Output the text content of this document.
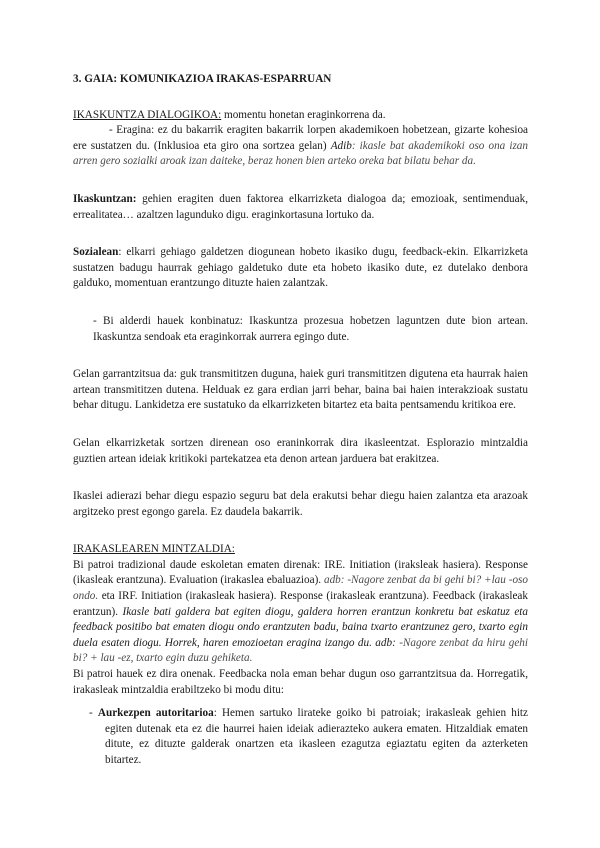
3. GAIA: KOMUNIKAZIOA IRAKAS-ESPARRUAN

IKASKUNTZA DIALOGIKOA: momentu honetan eraginkorrena da.

- Eragina: ez du bakarrik eragiten bakarrik lorpen akademikoen hobetzean, gizarte kohesioa ere sustatzen du. (Inklusioa eta giro ona sortzea gelan) Adib: ikasle bat akademikoki oso ona izan arren gero sozialki aroak izan daiteke, beraz honen bien arteko oreka bat bilatu behar da.

Ikaskuntzan: gehien eragiten duen faktorea elkarrizketa dialogoa da; emozioak, sentimenduak, errealitatea… azaltzen lagunduko digu. eraginkortasuna lortuko da.

Sozialean: elkarri gehiago galdetzen diogunean hobeto ikasiko dugu, feedback-ekin. Elkarrizketa sustatzen badugu haurrak gehiago galdetuko dute eta hobeto ikasiko dute, ez dutelako denbora galduko, momentuan erantzungo dituzte haien zalantzak.

- Bi alderdi hauek konbinatuz: Ikaskuntza prozesua hobetzen laguntzen dute bion artean. Ikaskuntza sendoak eta eraginkorrak aurrera egingo dute.

Gelan garrantzitsua da: guk transmititzen duguna, haiek guri transmititzen digutena eta haurrak haien artean transmititzen dutena. Helduak ez gara erdian jarri behar, baina bai haien interakzioak sustatu behar ditugu. Lankidetza ere sustatuko da elkarrizketen bitartez eta baita pentsamendu kritikoa ere.

Gelan elkarrizketak sortzen direnean oso eraninkorrak dira ikasleentzat. Esplorazio mintzaldia guztien artean ideiak kritikoki partekatzea eta denon artean jarduera bat erakitzea.

Ikaslei adierazi behar diegu espazio seguru bat dela erakutsi behar diegu haien zalantza eta arazoak argitzeko prest egongo garela. Ez daudela bakarrik.

IRAKASLEAREN MINTZALDIA:

Bi patroi tradizional daude eskoletan ematen direnak: IRE. Initiation (iraksleak hasiera). Response (ikasleak erantzuna). Evaluation (irakaslea ebaluazioa). adb: -Nagore zenbat da bi gehi bi? +lau -oso ondo. eta IRF. Initiation (irakasleak hasiera). Response (irakasleak erantzuna). Feedback (irakasleak erantzun). Ikasle bati galdera bat egiten diogu, galdera horren erantzun konkretu bat eskatuz eta feedback positibo bat ematen diogu ondo erantzuten badu, baina txarto erantzunez gero, txarto egin duela esaten diogu. Horrek, haren emozioetan eragina izango du. adb: -Nagore zenbat da hiru gehi bi? + lau -ez, txarto egin duzu gehiketa.

Bi patroi hauek ez dira onenak. Feedbacka nola eman behar dugun oso garrantzitsua da. Horregatik, irakasleak mintzaldia erabiltzeko bi modu ditu:

- Aurkezpen autoritarioa: Hemen sartuko lirateke goiko bi patroiak; irakasleak gehien hitz egiten dutenak eta ez die haurrei haien ideiak adierazteko aukera ematen. Hitzaldiak ematen ditute, ez dituzte galderak onartzen eta ikasleen ezagutza egiaztatu egiten da azterketen bitartez.
